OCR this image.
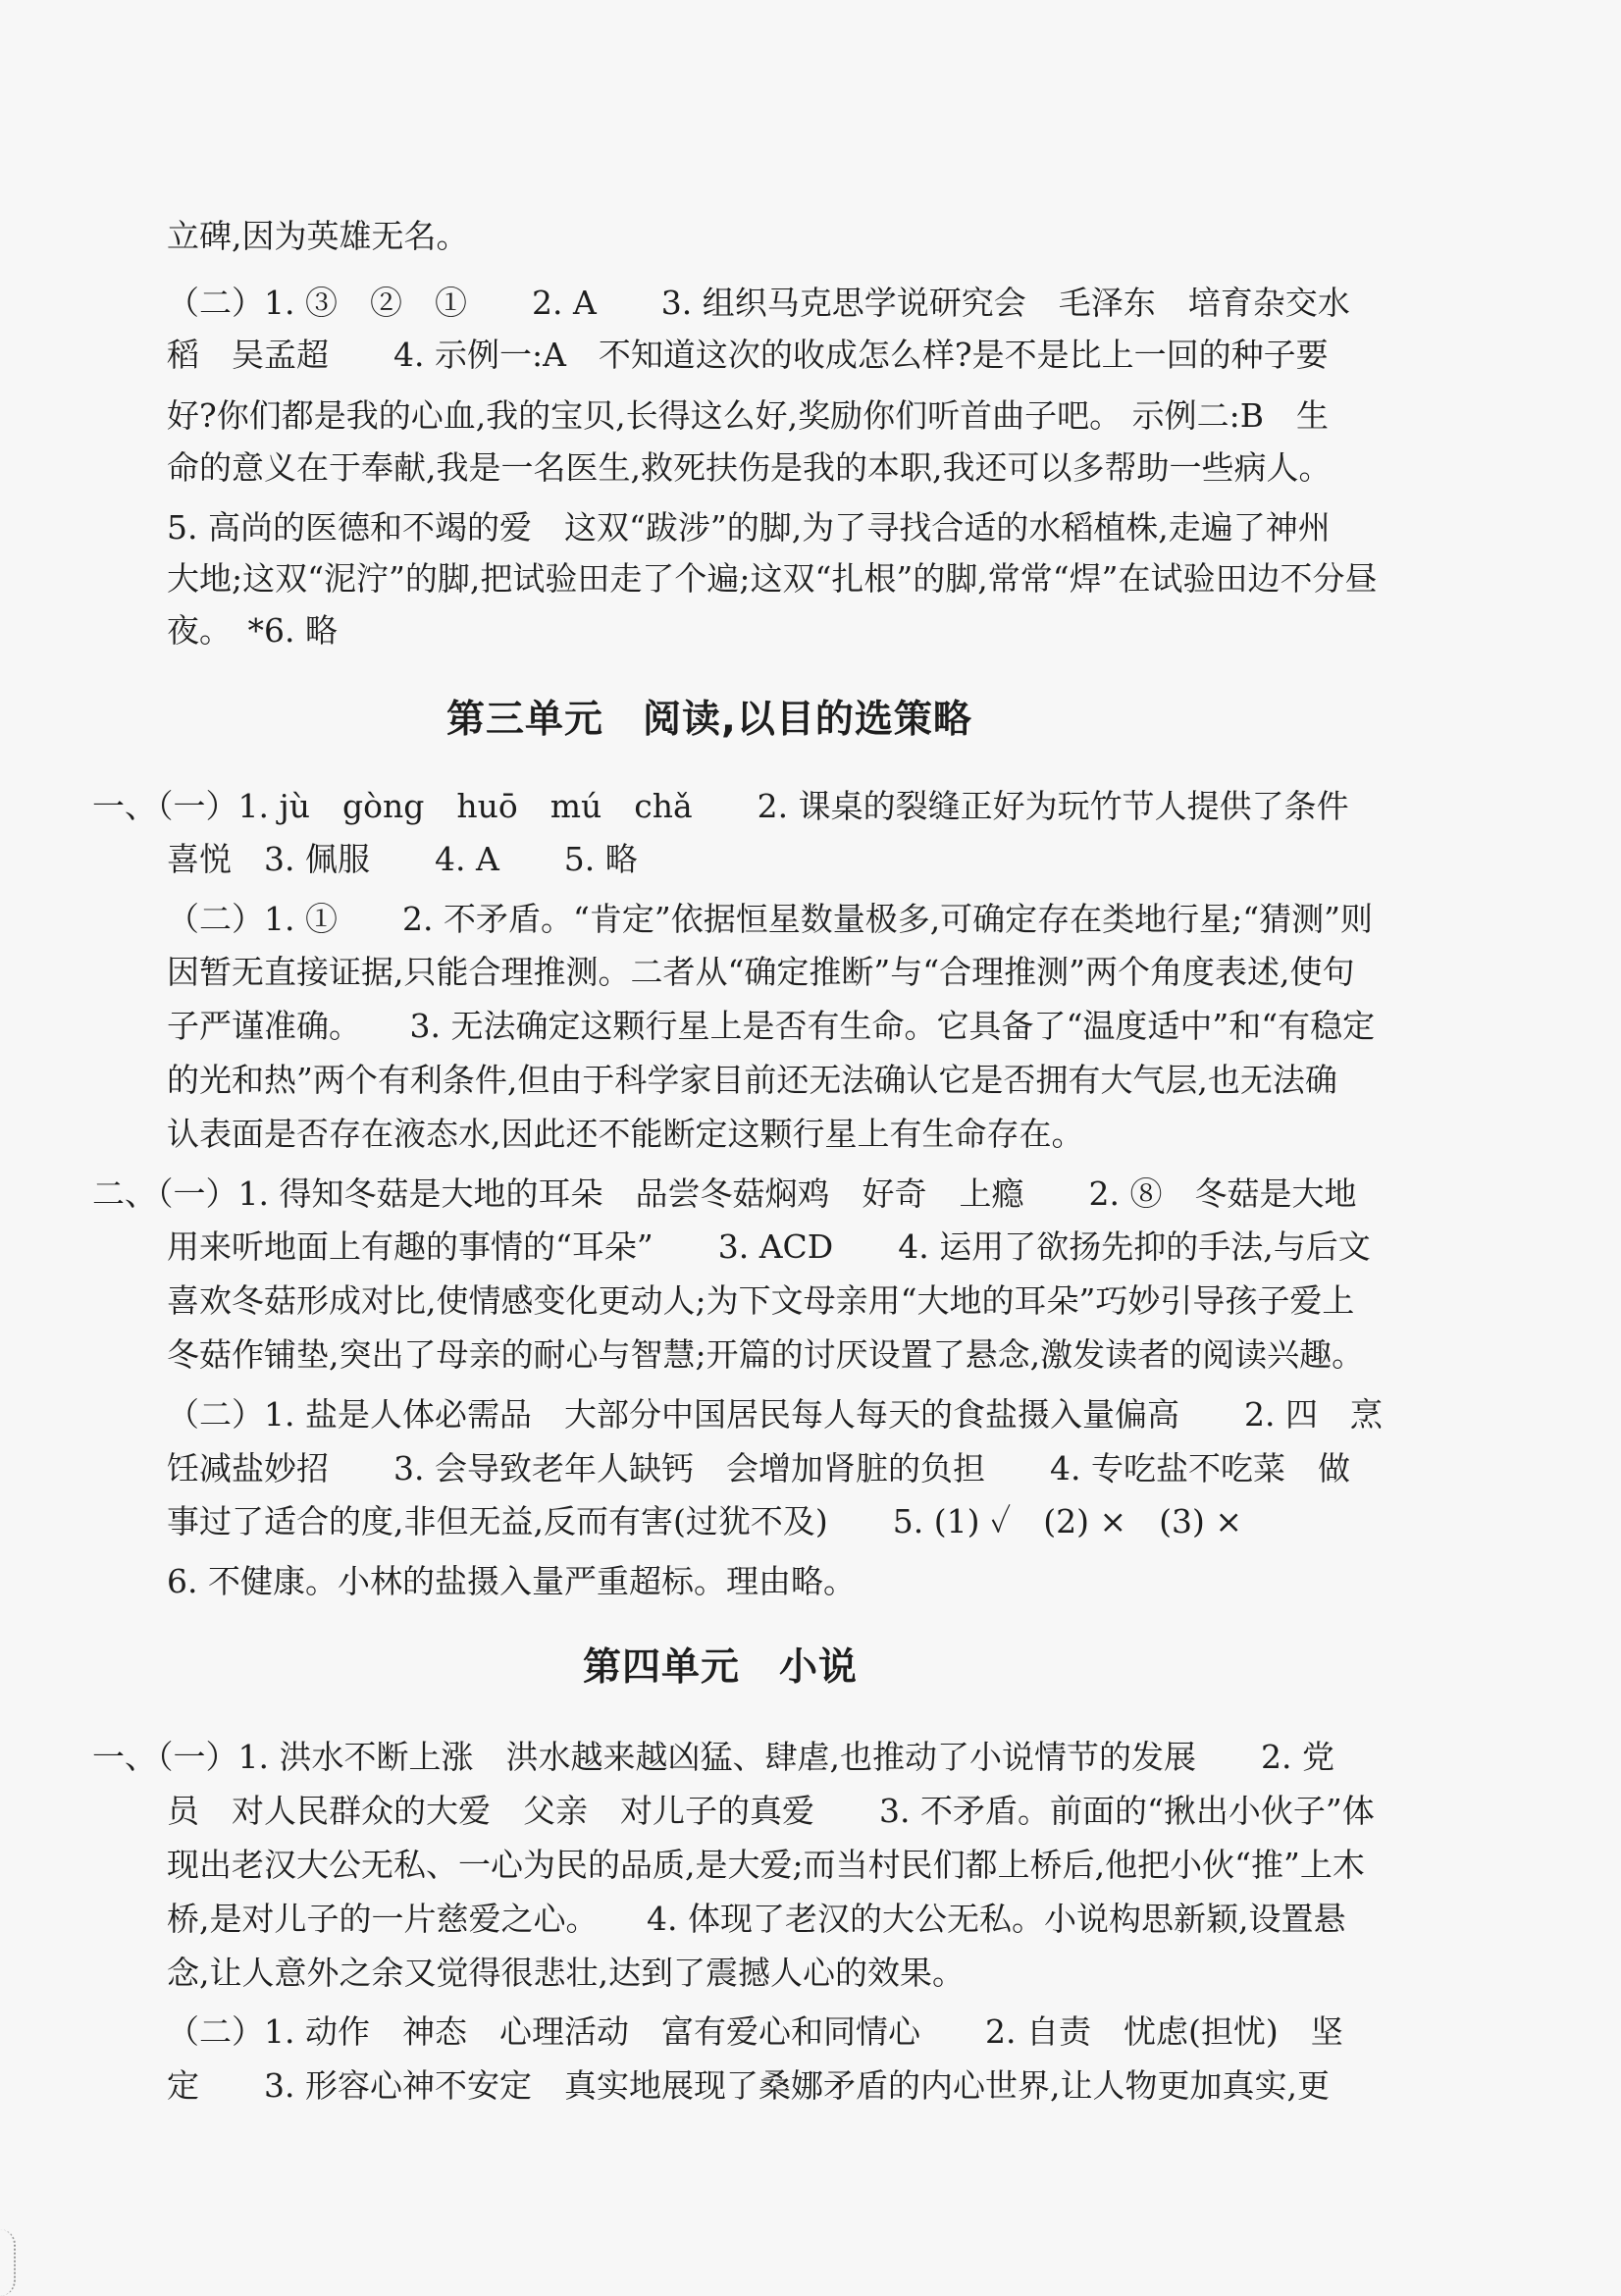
立碑,因为英雄无名。
（二）1. ③　②　①　　2. A　　3. 组织马克思学说研究会　毛泽东　培育杂交水
稻　吴孟超　　4. 示例一:A　不知道这次的收成怎么样?是不是比上一回的种子要
好?你们都是我的心血,我的宝贝,长得这么好,奖励你们听首曲子吧。 示例二:B　生
命的意义在于奉献,我是一名医生,救死扶伤是我的本职,我还可以多帮助一些病人。
5. 高尚的医德和不竭的爱　这双“跋涉”的脚,为了寻找合适的水稻植株,走遍了神州
大地;这双“泥泞”的脚,把试验田走了个遍;这双“扎根”的脚,常常“焊”在试验田边不分昼
夜。　*6. 略
第三单元　阅读,以目的选策略
一、（一）1. jù　gòng　huō　mú　chǎ　　2. 课桌的裂缝正好为玩竹节人提供了条件
喜悦　3. 佩服　　4. A　　5. 略
（二）1. ①　　2. 不矛盾。“肯定”依据恒星数量极多,可确定存在类地行星;“猜测”则
因暂无直接证据,只能合理推测。二者从“确定推断”与“合理推测”两个角度表述,使句
子严谨准确。　　3. 无法确定这颗行星上是否有生命。它具备了“温度适中”和“有稳定
的光和热”两个有利条件,但由于科学家目前还无法确认它是否拥有大气层,也无法确
认表面是否存在液态水,因此还不能断定这颗行星上有生命存在。
二、（一）1. 得知冬菇是大地的耳朵　品尝冬菇焖鸡　好奇　上瘾　　2. ⑧　冬菇是大地
用来听地面上有趣的事情的“耳朵”　　3. ACD　　4. 运用了欲扬先抑的手法,与后文
喜欢冬菇形成对比,使情感变化更动人;为下文母亲用“大地的耳朵”巧妙引导孩子爱上
冬菇作铺垫,突出了母亲的耐心与智慧;开篇的讨厌设置了悬念,激发读者的阅读兴趣。
（二）1. 盐是人体必需品　大部分中国居民每人每天的食盐摄入量偏高　　2. 四　烹
饪减盐妙招　　3. 会导致老年人缺钙　会增加肾脏的负担　　4. 专吃盐不吃菜　做
事过了适合的度,非但无益,反而有害(过犹不及)　　5. (1) ✓　(2) ×　(3) ×
6. 不健康。小林的盐摄入量严重超标。理由略。
第四单元　小说
一、（一）1. 洪水不断上涨　洪水越来越凶猛、肆虐,也推动了小说情节的发展　　2. 党
员　对人民群众的大爱　父亲　对儿子的真爱　　3. 不矛盾。前面的“揪出小伙子”体
现出老汉大公无私、一心为民的品质,是大爱;而当村民们都上桥后,他把小伙“推”上木
桥,是对儿子的一片慈爱之心。　　4. 体现了老汉的大公无私。小说构思新颖,设置悬
念,让人意外之余又觉得很悲壮,达到了震撼人心的效果。
（二）1. 动作　神态　心理活动　富有爱心和同情心　　2. 自责　忧虑(担忧)　坚
定　　3. 形容心神不安定　真实地展现了桑娜矛盾的内心世界,让人物更加真实,更
